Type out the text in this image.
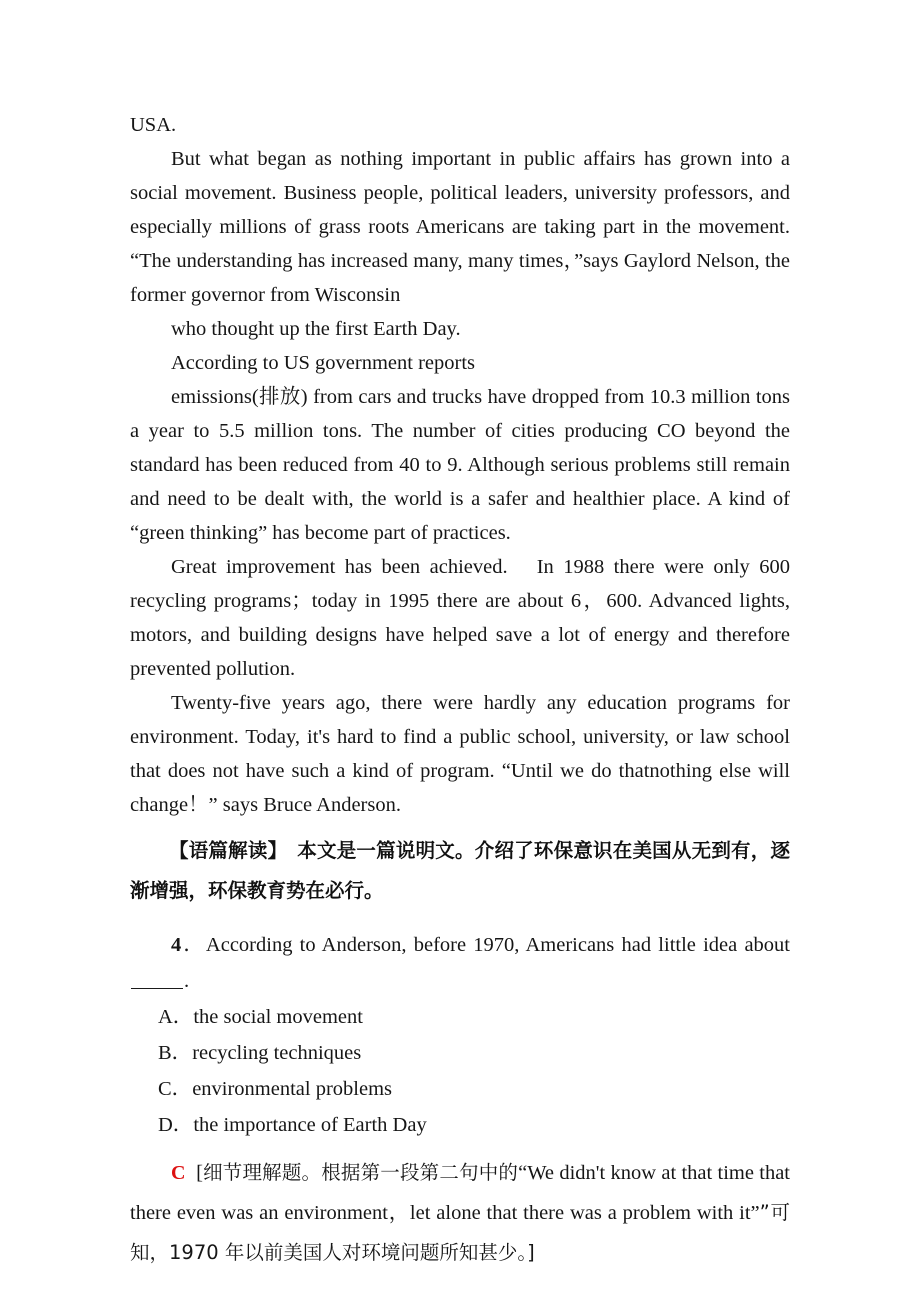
USA.

But what began as nothing important in public affairs has grown into a social movement. Business people, political leaders, university professors, and especially millions of grass roots Americans are taking part in the movement. “The understanding has increased many, many times，”says Gaylord Nelson, the former governor from Wisconsin

who thought up the first Earth Day.

According to US government reports

emissions(排放) from cars and trucks have dropped from 10.3 million tons a year to 5.5 million tons. The number of cities producing CO beyond the standard has been reduced from 40 to 9. Although serious problems still remain and need to be dealt with, the world is a safer and healthier place. A kind of “green thinking” has become part of practices.

Great improvement has been achieved.　In 1988 there were only 600 recycling programs；today in 1995 there are about 6，600. Advanced lights, motors, and building designs have helped save a lot of energy and therefore prevented pollution.

Twenty-five years ago, there were hardly any education programs for environment. Today, it's hard to find a public school, university, or law school that does not have such a kind of program. “Until we do thatnothing else will change！” says Bruce Anderson.

【语篇解读】　本文是一篇说明文。介绍了环保意识在美国从无到有，逐渐增强，环保教育势在必行。

4．According to Anderson, before 1970, Americans had little idea about .

A．the social movement
B．recycling techniques
C．environmental problems
D．the importance of Earth Day

C [细节理解题。根据第一段第二句中的“We didn't know at that time that there even was an environment，let alone that there was a problem with it””可知，1970 年以前美国人对环境问题所知甚少。]
